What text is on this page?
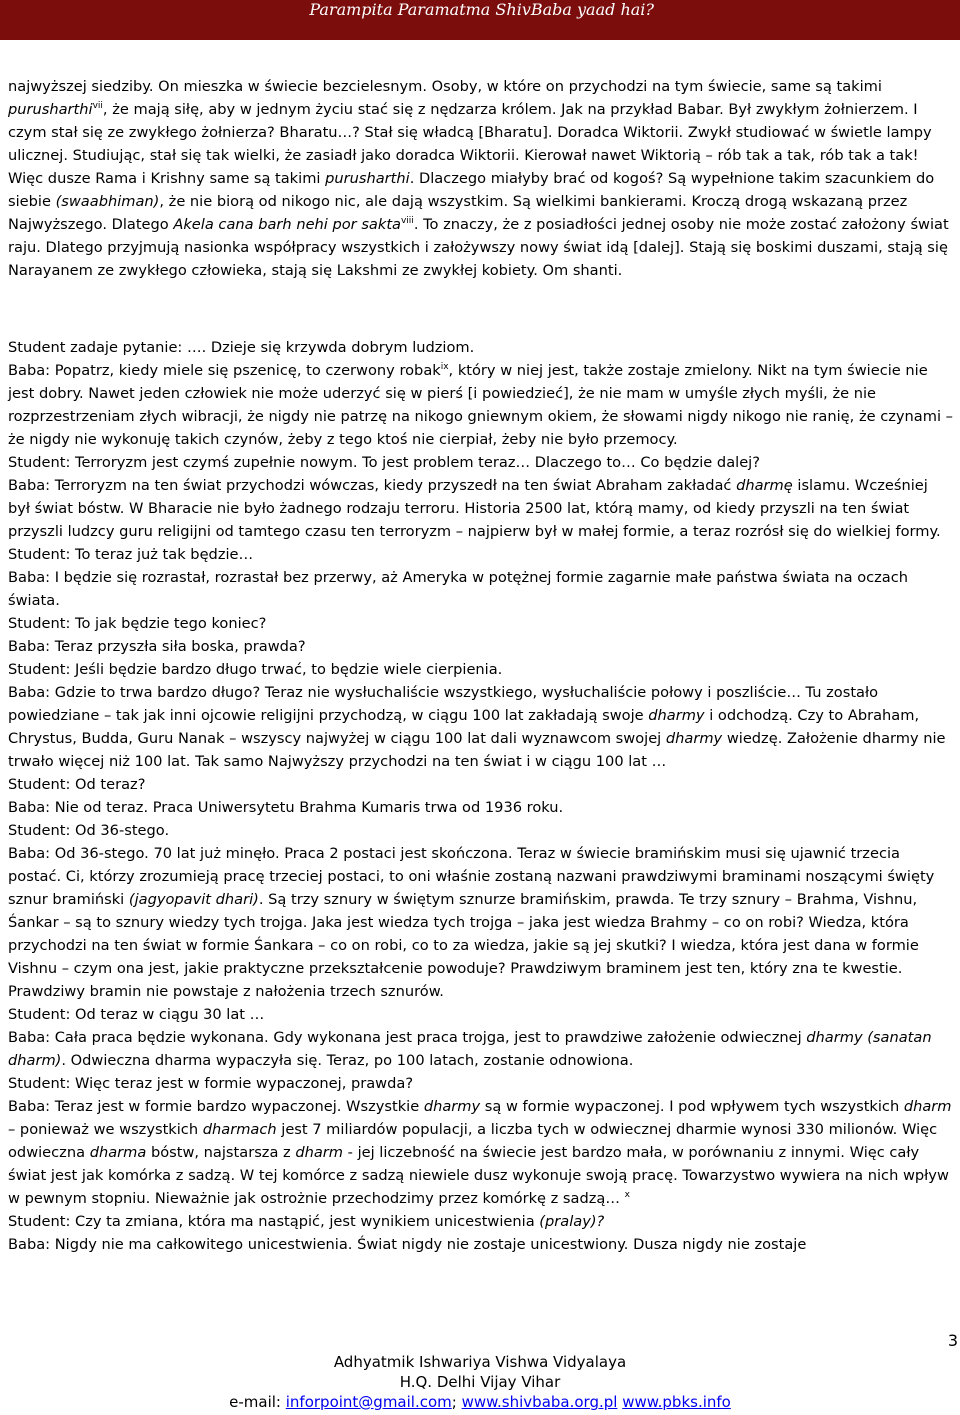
Parampita Paramatma ShivBaba yaad hai?

najwyższej siedziby. On mieszka w świecie bezcielesnym. Osoby, w które on przychodzi na tym świecie, same są takimi purusharthi$^{vii}$, że mają siłę, aby w jednym życiu stać się z nędzarza królem. Jak na przykład Babar. Był zwykłym żołnierzem. I czym stał się ze zwykłego żołnierza? Bharatu…? Stał się władcą [Bharatu]. Doradca Wiktorii. Zwykł studiować w świetle lampy ulicznej. Studiując, stał się tak wielki, że zasiadł jako doradca Wiktorii. Kierował nawet Wiktorią – rób tak a tak, rób tak a tak! Więc dusze Rama i Krishny same są takimi purusharthi. Dlaczego miałyby brać od kogoś? Są wypełnione takim szacunkiem do siebie (swaabhiman), że nie biorą od nikogo nic, ale dają wszystkim. Są wielkimi bankierami. Kroczą drogą wskazaną przez Najwyższego. Dlatego Akela cana barh nehi por sakta$^{viii}$. To znaczy, że z posiadłości jednej osoby nie może zostać założony świat raju. Dlatego przyjmują nasionka współpracy wszystkich i założywszy nowy świat idą [dalej]. Stają się boskimi duszami, stają się Narayanem ze zwykłego człowieka, stają się Lakshmi ze zwykłej kobiety. Om shanti.

Student zadaje pytanie: …. Dzieje się krzywda dobrym ludziom.

Baba: Popatrz, kiedy miele się pszenicę, to czerwony robak$^{ix}$, który w niej jest, także zostaje zmielony. Nikt na tym świecie nie jest dobry. Nawet jeden człowiek nie może uderzyć się w pierś [i powiedzieć], że nie mam w umyśle złych myśli, że nie rozprzestrzeniam złych wibracji, że nigdy nie patrzę na nikogo gniewnym okiem, że słowami nigdy nikogo nie ranię, że czynami – że nigdy nie wykonuję takich czynów, żeby z tego ktoś nie cierpiał, żeby nie było przemocy.

Student: Terroryzm jest czymś zupełnie nowym. To jest problem teraz… Dlaczego to… Co będzie dalej?

Baba: Terroryzm na ten świat przychodzi wówczas, kiedy przyszedł na ten świat Abraham zakładać dharmę islamu. Wcześniej był świat bóstw. W Bharacie nie było żadnego rodzaju terroru. Historia 2500 lat, którą mamy, od kiedy przyszli na ten świat przyszli ludzcy guru religijni od tamtego czasu ten terroryzm – najpierw był w małej formie, a teraz rozrósł się do wielkiej formy.

Student: To teraz już tak będzie…

Baba: I będzie się rozrastał, rozrastał bez przerwy, aż Ameryka w potężnej formie zagarnie małe państwa świata na oczach świata.

Student: To jak będzie tego koniec?

Baba: Teraz przyszła siła boska, prawda?

Student: Jeśli będzie bardzo długo trwać, to będzie wiele cierpienia.

Baba: Gdzie to trwa bardzo długo? Teraz nie wysłuchaliście wszystkiego, wysłuchaliście połowy i poszliście… Tu zostało powiedziane – tak jak inni ojcowie religijni przychodzą, w ciągu 100 lat zakładają swoje dharmy i odchodzą. Czy to Abraham, Chrystus, Budda, Guru Nanak – wszyscy najwyżej w ciągu 100 lat dali wyznawcom swojej dharmy wiedzę. Założenie dharmy nie trwało więcej niż 100 lat. Tak samo Najwyższy przychodzi na ten świat i w ciągu 100 lat …

Student: Od teraz?

Baba: Nie od teraz. Praca Uniwersytetu Brahma Kumaris trwa od 1936 roku.

Student: Od 36-stego.

Baba: Od 36-stego. 70 lat już minęło. Praca 2 postaci jest skończona. Teraz w świecie bramińskim musi się ujawnić trzecia postać. Ci, którzy zrozumieją pracę trzeciej postaci, to oni właśnie zostaną nazwani prawdziwymi braminami noszącymi święty sznur bramiński (jagyopavit dhari). Są trzy sznury w świętym sznurze bramińskim, prawda. Te trzy sznury – Brahma, Vishnu, Śankar – są to sznury wiedzy tych trojga. Jaka jest wiedza tych trojga – jaka jest wiedza Brahmy – co on robi? Wiedza, która przychodzi na ten świat w formie Śankara – co on robi, co to za wiedza, jakie są jej skutki? I wiedza, która jest dana w formie Vishnu – czym ona jest, jakie praktyczne przekształcenie powoduje? Prawdziwym braminem jest ten, który zna te kwestie. Prawdziwy bramin nie powstaje z nałożenia trzech sznurów.

Student: Od teraz w ciągu 30 lat …

Baba: Cała praca będzie wykonana. Gdy wykonana jest praca trojga, jest to prawdziwe założenie odwiecznej dharmy (sanatan dharm). Odwieczna dharma wypaczyła się. Teraz, po 100 latach, zostanie odnowiona.

Student: Więc teraz jest w formie wypaczonej, prawda?

Baba: Teraz jest w formie bardzo wypaczonej. Wszystkie dharmy są w formie wypaczonej. I pod wpływem tych wszystkich dharm – ponieważ we wszystkich dharmach jest 7 miliardów populacji, a liczba tych w odwiecznej dharmie wynosi 330 milionów. Więc odwieczna dharma bóstw, najstarsza z dharm - jej liczebność na świecie jest bardzo mała, w porównaniu z innymi. Więc cały świat jest jak komórka z sadzą. W tej komórce z sadzą niewiele dusz wykonuje swoją pracę. Towarzystwo wywiera na nich wpływ w pewnym stopniu. Nieważnie jak ostrożnie przechodzimy przez komórkę z sadzą… $^x$

Student: Czy ta zmiana, która ma nastąpić, jest wynikiem unicestwienia (pralay)?

Baba: Nigdy nie ma całkowitego unicestwienia. Świat nigdy nie zostaje unicestwiony. Dusza nigdy nie zostaje

3
Adhyatmik Ishwariya Vishwa Vidyalaya
H.Q. Delhi Vijay Vihar
e-mail: inforpoint@gmail.com; www.shivbaba.org.pl www.pbks.info
